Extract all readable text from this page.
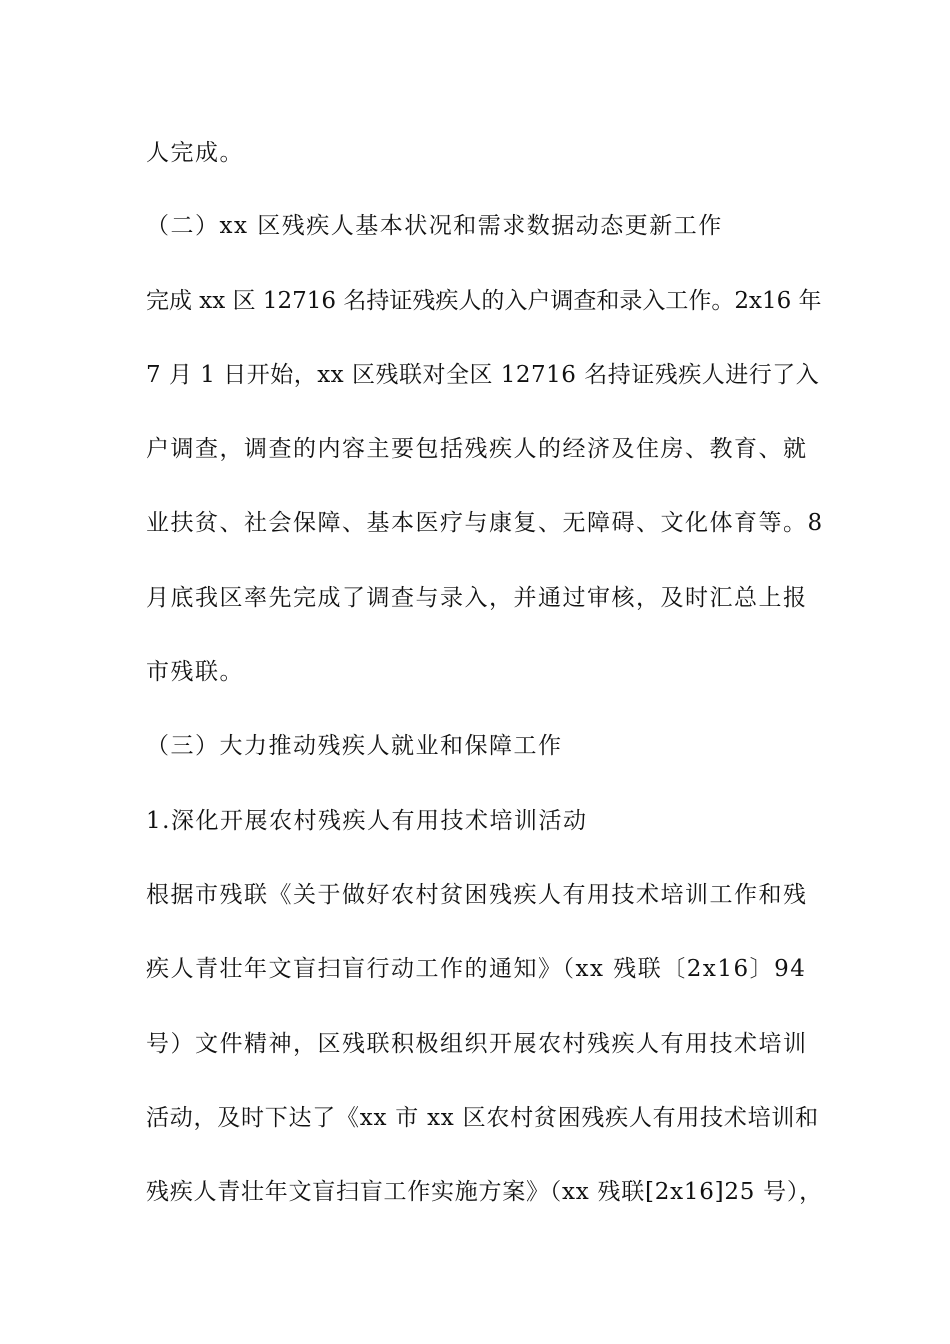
人完成。
（二）xx 区残疾人基本状况和需求数据动态更新工作
完成 xx 区 12716 名持证残疾人的入户调查和录入工作。2x16 年
7 月 1 日开始，xx 区残联对全区 12716 名持证残疾人进行了入
户调查，调查的内容主要包括残疾人的经济及住房、教育、就
业扶贫、社会保障、基本医疗与康复、无障碍、文化体育等。8
月底我区率先完成了调查与录入，并通过审核，及时汇总上报
市残联。
（三）大力推动残疾人就业和保障工作
1.深化开展农村残疾人有用技术培训活动
根据市残联《关于做好农村贫困残疾人有用技术培训工作和残
疾人青壮年文盲扫盲行动工作的通知》（xx 残联〔2x16〕94
号）文件精神，区残联积极组织开展农村残疾人有用技术培训
活动，及时下达了《xx 市 xx 区农村贫困残疾人有用技术培训和
残疾人青壮年文盲扫盲工作实施方案》（xx 残联[2x16]25 号），
